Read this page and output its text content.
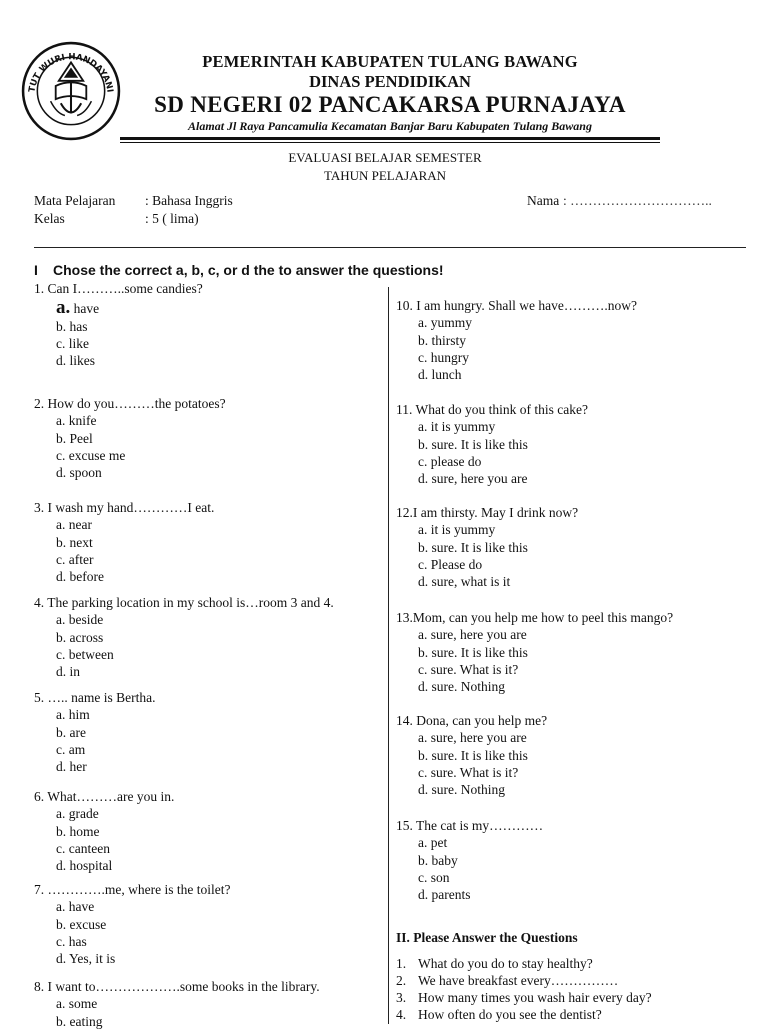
TUT WURI HANDAYANI
PEMERINTAH KABUPATEN TULANG BAWANG
DINAS PENDIDIKAN
SD NEGERI 02 PANCAKARSA PURNAJAYA
Alamat Jl Raya Pancamulia Kecamatan Banjar Baru Kabupaten Tulang Bawang
EVALUASI BELAJAR SEMESTER
TAHUN PELAJARAN
Mata Pelajaran : Bahasa Inggris
Kelas	: 5 ( lima)
Nama : …………………………..
I Chose the correct a, b, c, or d the to answer the questions!
1. Can I………..some candies?
a. have
b. has
c. like
d. likes
2. How do you………the potatoes?
a. knife
b. Peel
c. excuse me
d. spoon
3. I wash my hand…………I eat.
a. near
b. next
c. after
d. before
4. The parking location in my school is…room 3 and 4.
a. beside
b. across
c. between
d. in
5. ….. name is Bertha.
a. him
b. are
c. am
d. her
6. What………are you in.
a. grade
b. home
c. canteen
d. hospital
7. ………….me, where is the toilet?
a. have
b. excuse
c. has
d. Yes, it is
8. I want to……………….some books in the library.
a. some
b. eating
10. I am hungry. Shall we have……….now?
a. yummy
b. thirsty
c. hungry
d. lunch
11. What do you think of this cake?
a. it is yummy
b. sure. It is like this
c. please do
d. sure, here you are
12.I am thirsty. May I drink now?
a. it is yummy
b. sure. It is like this
c. Please do
d. sure, what is it
13.Mom, can you help me how to peel this mango?
a. sure, here you are
b. sure. It is like this
c. sure. What is it?
d. sure. Nothing
14. Dona, can you help me?
a. sure, here you are
b. sure. It is like this
c. sure. What is it?
d. sure. Nothing
15. The cat is my…………
a. pet
b. baby
c. son
d. parents
II. Please Answer the Questions
1. What do you do to stay healthy?
2. We have breakfast every……………
3. How many times you wash hair every day?
4. How often do you see the dentist?
